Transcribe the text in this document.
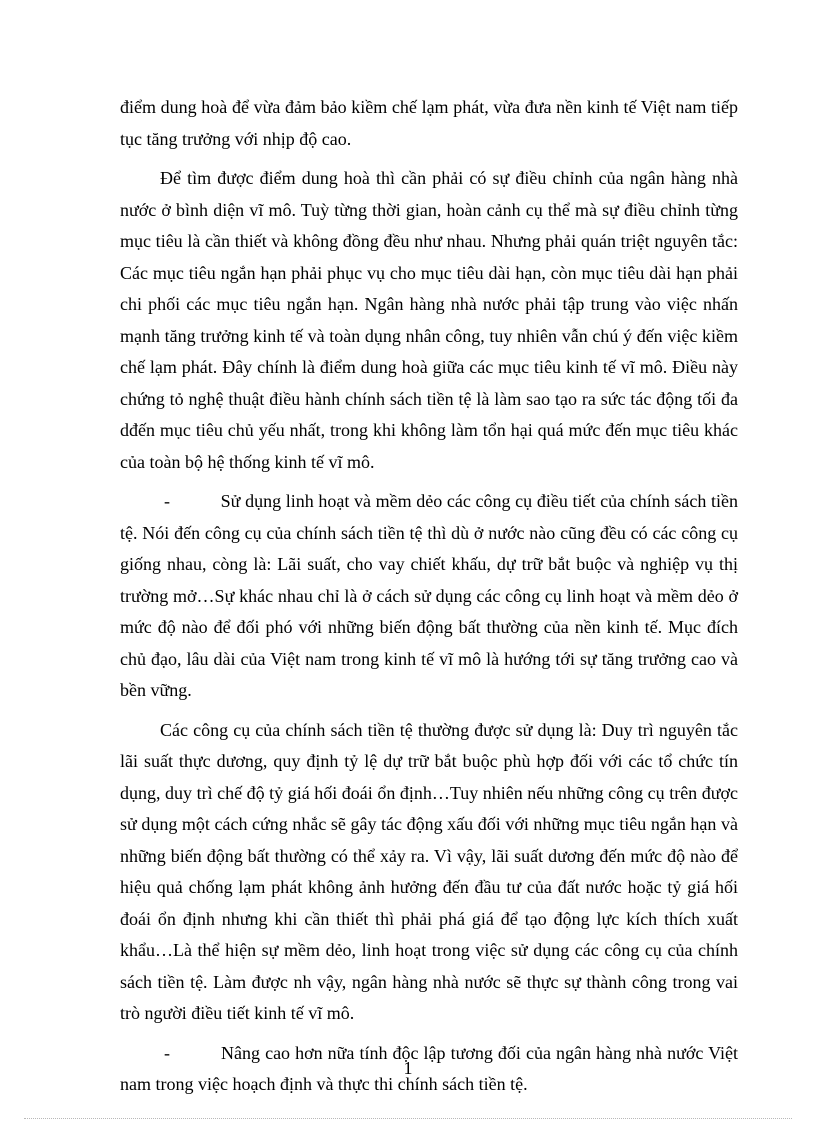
điểm dung hoà để vừa đảm bảo kiềm chế lạm phát, vừa đưa nền kinh tế Việt nam tiếp tục tăng trưởng với nhịp độ cao.

Để tìm được điểm dung hoà thì cần phải có sự điều chỉnh của ngân hàng nhà nước ở bình diện vĩ mô. Tuỳ từng thời gian, hoàn cảnh cụ thể mà sự điều chỉnh từng mục tiêu là cần thiết và không đồng đều như nhau. Nhưng phải quán triệt nguyên tắc: Các mục tiêu ngắn hạn phải phục vụ cho mục tiêu dài hạn, còn mục tiêu dài hạn phải chi phối các mục tiêu ngắn hạn. Ngân hàng nhà nước phải tập trung vào việc nhấn mạnh tăng trưởng kinh tế và toàn dụng nhân công, tuy nhiên vẫn chú ý đến việc kiềm chế lạm phát. Đây chính là điểm dung hoà giữa các mục tiêu kinh tế vĩ mô. Điều này chứng tỏ nghệ thuật điều hành chính sách tiền tệ là làm sao tạo ra sức tác động tối đa dđến mục tiêu chủ yếu nhất, trong khi không làm tổn hại quá mức đến mục tiêu khác của toàn bộ hệ thống kinh tế vĩ mô.

-	Sử dụng linh hoạt và mềm dẻo các công cụ điều tiết của chính sách tiền tệ. Nói đến công cụ của chính sách tiền tệ thì dù ở nước nào cũng đều có các công cụ giống nhau, còng là: Lãi suất, cho vay chiết khấu, dự trữ bắt buộc và nghiệp vụ thị trường mở…Sự khác nhau chỉ là ở cách sử dụng các công cụ linh hoạt và mềm dẻo ở mức độ nào để đối phó với những biến động bất thường của nền kinh tế. Mục đích chủ đạo, lâu dài của Việt nam trong kinh tế vĩ mô là hướng tới sự tăng trưởng cao và bền vững.

Các công cụ của chính sách tiền tệ thường được sử dụng là: Duy trì nguyên tắc lãi suất thực dương, quy định tỷ lệ dự trữ bắt buộc phù hợp đối với các tổ chức tín dụng, duy trì chế độ tỷ giá hối đoái ổn định…Tuy nhiên nếu những công cụ trên được sử dụng một cách cứng nhắc sẽ gây tác động xấu đối với những mục tiêu ngắn hạn và những biến động bất thường có thể xảy ra. Vì vậy, lãi suất dương đến mức độ nào để hiệu quả chống lạm phát không ảnh hưởng đến đầu tư của đất nước hoặc tỷ giá hối đoái ổn định nhưng khi cần thiết thì phải phá giá để tạo động lực kích thích xuất khẩu…Là thể hiện sự mềm dẻo, linh hoạt trong việc sử dụng các công cụ của chính sách tiền tệ. Làm được nh vậy, ngân hàng nhà nước sẽ thực sự thành công trong vai trò người điều tiết kinh tế vĩ mô.

-	Nâng cao hơn nữa tính độc lập tương đối của ngân hàng nhà nước Việt nam trong việc hoạch định và thực thi chính sách tiền tệ.

1
